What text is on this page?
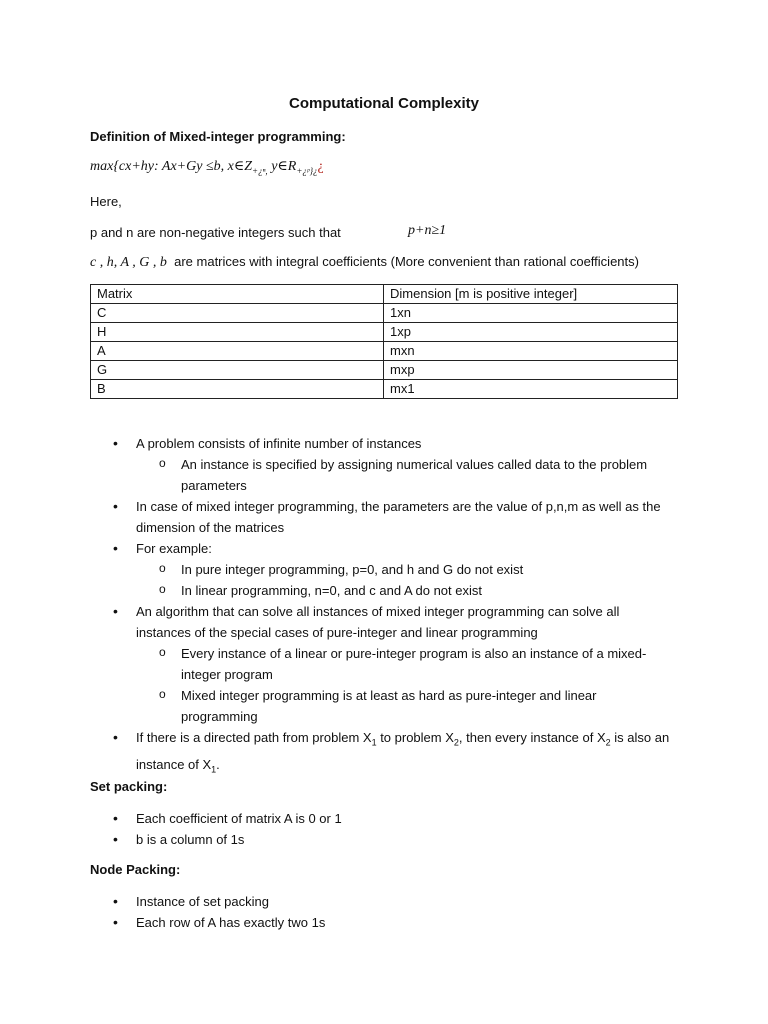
Computational Complexity
Definition of Mixed-integer programming:
max{cx+hy: Ax+Gy ≤b, $x\in Z_{+¿^n,}$ $y\in R_{+¿ᵖ\}¿}¿$
Here,
p and n are non-negative integers such that	p+n≥1
c , h, A , G , b are matrices with integral coefficients (More convenient than rational coefficients)
Matrix	Dimension [m is positive integer]
C	1xn
H	1xp
A	mxn
G	mxp
B	mx1
• A problem consists of infinite number of instances
o An instance is specified by assigning numerical values called data to the problem parameters
• In case of mixed integer programming, the parameters are the value of p,n,m as well as the dimension of the matrices
• For example:
o In pure integer programming, p=0, and h and G do not exist
o In linear programming, n=0, and c and A do not exist
• An algorithm that can solve all instances of mixed integer programming can solve all instances of the special cases of pure-integer and linear programming
o Every instance of a linear or pure-integer program is also an instance of a mixed-integer program
o Mixed integer programming is at least as hard as pure-integer and linear programming
• If there is a directed path from problem $X_1$ to problem $X_2$, then every instance of $X_2$ is also an instance of $X_1$.
Set packing:
• Each coefficient of matrix A is 0 or 1
• b is a column of 1s
Node Packing:
• Instance of set packing
• Each row of A has exactly two 1s
